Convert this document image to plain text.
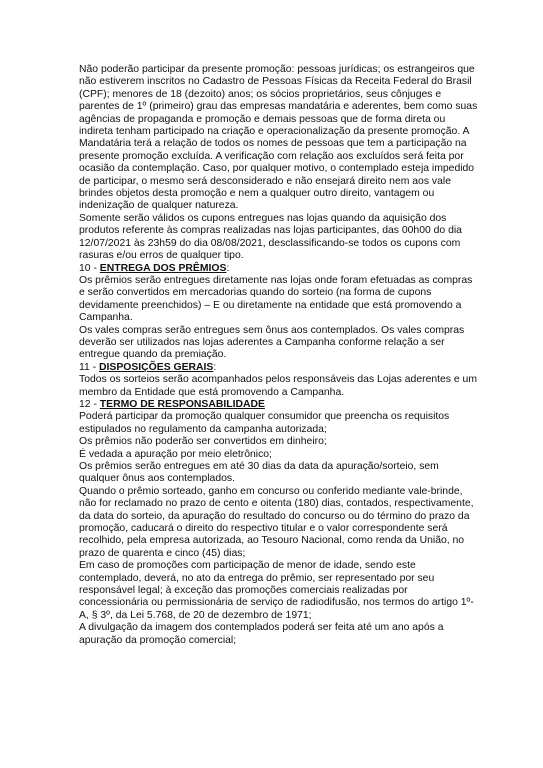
Não poderão participar da presente promoção: pessoas jurídicas; os estrangeiros que não estiverem inscritos no Cadastro de Pessoas Físicas da Receita Federal do Brasil (CPF); menores de 18 (dezoito) anos; os sócios proprietários, seus cônjuges e parentes de 1º (primeiro) grau das empresas mandatária e aderentes, bem como suas agências de propaganda e promoção e demais pessoas que de forma direta ou indireta tenham participado na criação e operacionalização da presente promoção. A Mandatária terá a relação de todos os nomes de pessoas que tem a participação na presente promoção excluída. A verificação com relação aos excluídos será feita por ocasião da contemplação. Caso, por qualquer motivo, o contemplado esteja impedido de participar, o mesmo será desconsiderado e não ensejará direito nem aos vale brindes objetos desta promoção e nem a qualquer outro direito, vantagem ou indenização de qualquer natureza.

Somente serão válidos os cupons entregues nas lojas quando da aquisição dos produtos referente às compras realizadas nas lojas participantes, das 00h00 do dia 12/07/2021 às 23h59 do dia 08/08/2021, desclassificando-se todos os cupons com rasuras e/ou erros de qualquer tipo.

10 - ENTREGA DOS PRÊMIOS:

Os prêmios serão entregues diretamente nas lojas onde foram efetuadas as compras e serão convertidos em mercadorias quando do sorteio (na forma de cupons devidamente preenchidos) – E ou diretamente na entidade que está promovendo a Campanha.

Os vales compras serão entregues sem ônus aos contemplados. Os vales compras deverão ser utilizados nas lojas aderentes a Campanha conforme relação a ser entregue quando da premiação.

11 - DISPOSIÇÕES GERAIS:

Todos os sorteios serão acompanhados pelos responsáveis das Lojas aderentes e um membro da Entidade que está promovendo a Campanha.

12 - TERMO DE RESPONSABILIDADE

Poderá participar da promoção qualquer consumidor que preencha os requisitos estipulados no regulamento da campanha autorizada;

Os prêmios não poderão ser convertidos em dinheiro;

É vedada a apuração por meio eletrônico;

Os prêmios serão entregues em até 30 dias da data da apuração/sorteio, sem qualquer ônus aos contemplados.

Quando o prêmio sorteado, ganho em concurso ou conferido mediante vale-brinde, não for reclamado no prazo de cento e oitenta (180) dias, contados, respectivamente, da data do sorteio, da apuração do resultado do concurso ou do término do prazo da promoção, caducará o direito do respectivo titular e o valor correspondente será recolhido, pela empresa autorizada, ao Tesouro Nacional, como renda da União, no prazo de quarenta e cinco (45) dias;

Em caso de promoções com participação de menor de idade, sendo este contemplado, deverá, no ato da entrega do prêmio, ser representado por seu responsável legal; à exceção das promoções comerciais realizadas por concessionária ou permissionária de serviço de radiodifusão, nos termos do artigo 1º-A, § 3º, da Lei 5.768, de 20 de dezembro de 1971;

A divulgação da imagem dos contemplados poderá ser feita até um ano após a apuração da promoção comercial;
